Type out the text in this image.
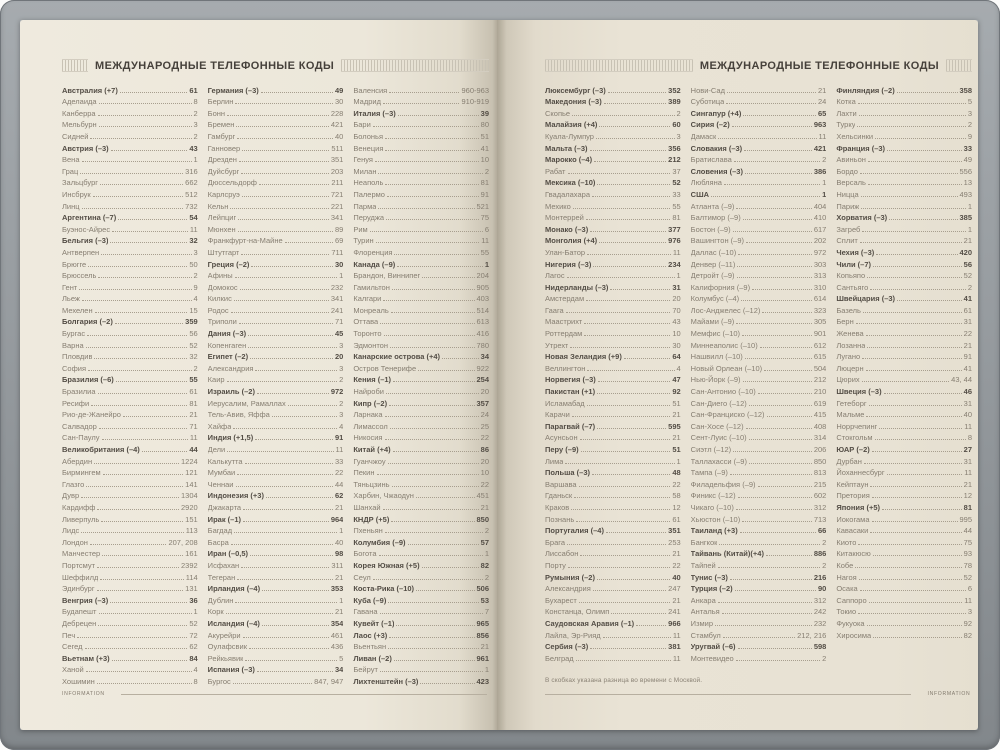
МЕЖДУНАРОДНЫЕ ТЕЛЕФОННЫЕ КОДЫ
Австралия (+7)	61
Аделаида	8
Канберра	2
Мельбурн	3
Сидней	2
Австрия (–3)	43
Вена	1
Грац	316
Зальцбург	662
Инсбрук	512
Линц	732
Аргентина (–7)	54
Буэнос-Айрес	11
Бельгия (–3)	32
Антверпен	3
Брюгге	50
Брюссель	2
Гент	9
Льеж	4
Мехелен	15
Болгария (–2)	359
Бургас	56
Варна	52
Пловдив	32
София	2
Бразилия (–6)	55
Бразилиа	61
Ресифи	81
Рио-де-Жанейро	21
Салвадор	71
Сан-Паулу	11
Великобритания (–4)	44
Абердин	1224
Бирмингем	121
Глазго	141
Дувр	1304
Кардифф	2920
Ливерпуль	151
Лидс	113
Лондон	207, 208
Манчестер	161
Портсмут	2392
Шеффилд	114
Эдинбург	131
Венгрия (–3)	36
Будапешт	1
Дебрецен	52
Печ	72
Сегед	62
Вьетнам (+3)	84
Ханой	4
Хошимин	8
Германия (–3)	49
Берлин	30
Бонн	228
Бремен	421
Гамбург	40
Ганновер	511
Дрезден	351
Дуйсбург	203
Дюссельдорф	211
Карлсруэ	721
Кельн	221
Лейпциг	341
Мюнхен	89
Франкфурт-на-Майне	69
Штутгарт	711
Греция (–2)	30
Афины	1
Домокос	232
Килкис	341
Родос	241
Триполи	71
Дания (–3)	45
Копенгаген	3
Египет (–2)	20
Александрия	3
Каир	2
Израиль (–2)	972
Иерусалим, Рамаллах	2
Тель-Авив, Яффа	3
Хайфа	4
Индия (+1,5)	91
Дели	11
Калькутта	33
Мумбаи	22
Ченнаи	44
Индонезия (+3)	62
Джакарта	21
Ирак (–1)	964
Багдад	1
Басра	40
Иран (–0,5)	98
Исфахан	311
Тегеран	21
Ирландия (–4)	353
Дублин	1
Корк	21
Исландия (–4)	354
Акурейри	461
Оулафсвик	436
Рейкьявик	5
Испания (–3)	34
Бургос	847, 947
Валенсия	960-963
Мадрид	910-919
Италия (–3)	39
Бари	80
Болонья	51
Венеция	41
Генуя	10
Милан	2
Неаполь	81
Палермо	91
Парма	521
Перуджа	75
Рим	6
Турин	11
Флоренция	55
Канада (–9)	1
Брандон, Виннипег	204
Гамильтон	905
Калгари	403
Монреаль	514
Оттава	613
Торонто	416
Эдмонтон	780
Канарские острова (+4)	34
Остров Тенерифе	922
Кения (–1)	254
Найроби	20
Кипр (–2)	357
Ларнака	24
Лимассол	25
Никосия	22
Китай (+4)	86
Гуанчжоу	20
Пекин	10
Тяньцзинь	22
Харбин, Чжаодун	451
Шанхай	21
КНДР (+5)	850
Пхеньян	2
Колумбия (–9)	57
Богота	1
Корея Южная (+5)	82
Сеул	2
Коста-Рика (–10)	506
Куба (–9)	53
Гавана	7
Кувейт (–1)	965
Лаос (+3)	856
Вьентьян	21
Ливан (–2)	961
Бейрут	1
Лихтенштейн (–3)	423
INFORMATION
МЕЖДУНАРОДНЫЕ ТЕЛЕФОННЫЕ КОДЫ
Люксембург (–3)	352
Македония (–3)	389
Скопье	2
Малайзия (+4)	60
Куала-Лумпур	3
Мальта (–3)	356
Марокко (–4)	212
Рабат	37
Мексика (–10)	52
Гвадалахара	33
Мехико	55
Монтеррей	81
Монако (–3)	377
Монголия (+4)	976
Улан-Батор	11
Нигерия (–3)	234
Лагос	1
Нидерланды (–3)	31
Амстердам	20
Гаага	70
Маастрихт	43
Роттердам	10
Утрехт	30
Новая Зеландия (+9)	64
Веллингтон	4
Норвегия (–3)	47
Пакистан (+1)	92
Исламабад	51
Карачи	21
Парагвай (–7)	595
Асунсьон	21
Перу (–9)	51
Лима	1
Польша (–3)	48
Варшава	22
Гданьск	58
Краков	12
Познань	61
Португалия (–4)	351
Брага	253
Лиссабон	21
Порту	22
Румыния (–2)	40
Александрия	247
Бухарест	21
Констанца, Олимп	241
Саудовская Аравия (–1)	966
Лайла, Эр-Рияд	11
Сербия (–3)	381
Белград	11
Нови-Сад	21
Суботица	24
Сингапур (+4)	65
Сирия (–2)	963
Дамаск	11
Словакия (–3)	421
Братислава	2
Словения (–3)	386
Любляна	1
США	1
Атланта (–9)	404
Балтимор (–9)	410
Бостон (–9)	617
Вашингтон (–9)	202
Даллас (–10)	972
Денвер (–11)	303
Детройт (–9)	313
Калифорния (–9)	310
Колумбус (–4)	614
Лос-Анджелес (–12)	323
Майами (–9)	305
Мемфис (–10)	901
Миннеаполис (–10)	612
Нашвилл (–10)	615
Новый Орлеан (–10)	504
Нью-Йорк (–9)	212
Сан-Антонио (–10)	210
Сан-Диего (–12)	619
Сан-Франциско (–12)	415
Сан-Хосе (–12)	408
Сент-Луис (–10)	314
Сиэтл (–12)	206
Таллахасси (–9)	850
Тампа (–9)	813
Филадельфия (–9)	215
Финикс (–12)	602
Чикаго (–10)	312
Хьюстон (–10)	713
Таиланд (+3)	66
Бангкок	2
Тайвань (Китай)(+4)	886
Тайпей	2
Тунис (–3)	216
Турция (–2)	90
Анкара	312
Анталья	242
Измир	232
Стамбул	212, 216
Уругвай (–6)	598
Монтевидео	2
Финляндия (–2)	358
Котка	5
Лахти	3
Турку	2
Хельсинки	9
Франция (–3)	33
Авиньон	49
Бордо	556
Версаль	13
Ницца	493
Париж	1
Хорватия (–3)	385
Загреб	1
Сплит	21
Чехия (–3)	420
Чили (–7)	56
Копьяпо	52
Сантьяго	2
Швейцария (–3)	41
Базель	61
Берн	31
Женева	22
Лозанна	21
Лугано	91
Люцерн	41
Цюрих	43, 44
Швеция (–3)	46
Гетеборг	31
Мальме	40
Норрчепинг	11
Стокгольм	8
ЮАР (–2)	27
Дурбан	31
Йоханнесбург	11
Кейптаун	21
Претория	12
Япония (+5)	81
Иокогама	995
Кавасаки	44
Киото	75
Китакюсю	93
Кобе	78
Нагоя	52
Осака	6
Саппоро	11
Токио	3
Фукуока	92
Хиросима	82
В скобках указана разница во времени с Москвой.
INFORMATION
